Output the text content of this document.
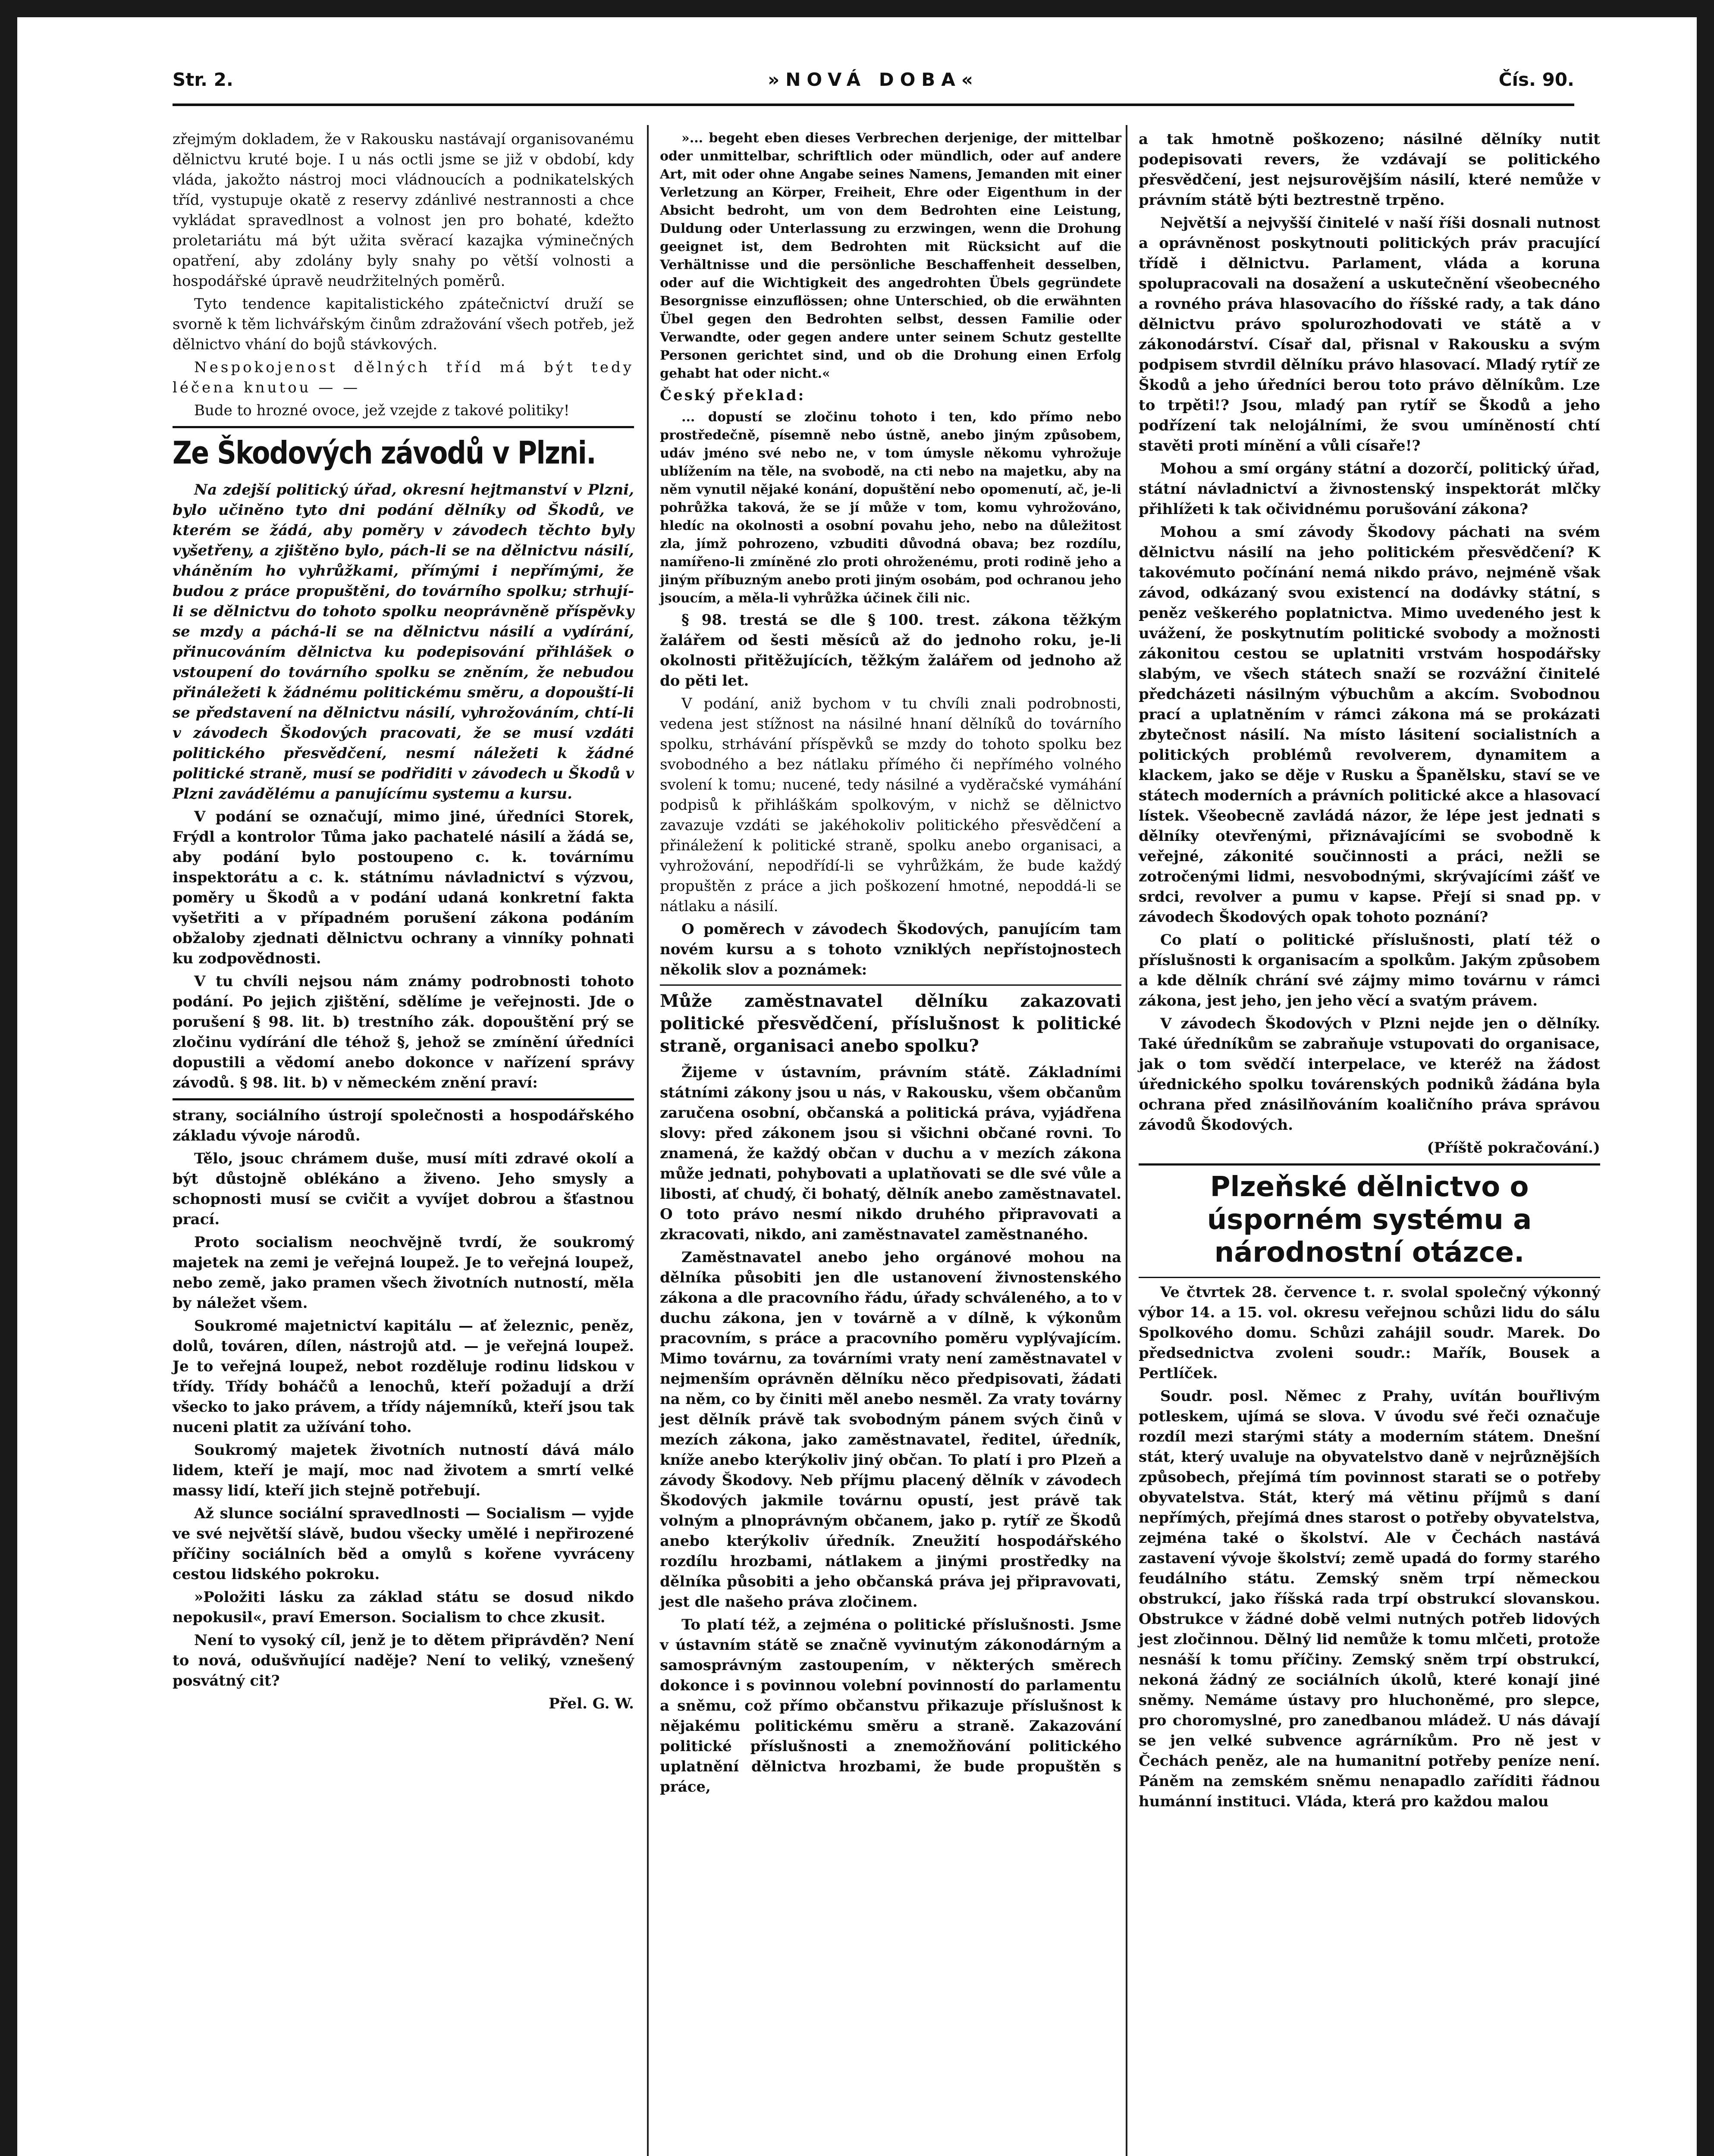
Str. 2.	»NOVÁ DOBA«	Čís. 90.

zřejmým dokladem, že v Rakousku nastávají organisovanému dělnictvu kruté boje. I u nás octli jsme se již v období, kdy vláda, jakožto nástroj moci vládnoucích a podnikatelských tříd, vystupuje okatě z reservy zdánlivé nestrannosti a chce vykládat spravedlnost a volnost jen pro bohaté, kdežto proletariátu má být užita svěrací kazajka výminečných opatření, aby zdolány byly snahy po větší volnosti a hospodářské úpravě neudržitelných poměrů.

Tyto tendence kapitalistického zpátečnictví druží se svorně k těm lichvářským činům zdražování všech potřeb, jež dělnictvo vhání do bojů stávkových.

Nespokojenost dělných tříd má být tedy léčena knutou — —

Bude to hrozné ovoce, jež vzejde z takové politiky!

Ze Škodových závodů v Plzni.

Na zdejší politický úřad, okresní hejtmanství v Plzni, bylo učiněno tyto dni podání dělníky od Škodů, ve kterém se žádá, aby poměry v závodech těchto byly vyšetřeny, a zjištěno bylo, pách-li se na dělnictvu násilí, vháněním ho vyhrůžkami, přímými i nepřímými, že budou z práce propuštěni, do továrního spolku; strhují-li se dělnictvu do tohoto spolku neoprávněně příspěvky se mzdy a páchá-li se na dělnictvu násilí a vydírání, přinucováním dělnictva ku podepisování přihlášek o vstoupení do továrního spolku se zněním, že nebudou přináležeti k žádnému politickému směru, a dopouští-li se představení na dělnictvu násilí, vyhrožováním, chtí-li v závodech Škodových pracovati, že se musí vzdáti politického přesvědčení, nesmí náležeti k žádné politické straně, musí se podřiditi v závodech u Škodů v Plzni zavádělému a panujícímu systemu a kursu.

V podání se označují, mimo jiné, úředníci Storek, Frýdl a kontrolor Tůma jako pachatelé násilí a žádá se, aby podání bylo postoupeno c. k. továrnímu inspektorátu a c. k. státnímu návladnictví s výzvou, poměry u Škodů a v podání udaná konkretní fakta vyšetřiti a v případném porušení zákona podáním obžaloby zjednati dělnictvu ochrany a vinníky pohnati ku zodpovědnosti.

V tu chvíli nejsou nám známy podrobnosti tohoto podání. Po jejich zjištění, sdělíme je veřejnosti. Jde o porušení § 98. lit. b) trestního zák. dopouštění prý se zločinu vydírání dle téhož §, jehož se zmínění úředníci dopustili a vědomí anebo dokonce v nařízení správy závodů. § 98. lit. b) v německém znění praví:

strany, sociálního ústrojí společnosti a hospodářského základu vývoje národů.

Tělo, jsouc chrámem duše, musí míti zdravé okolí a být důstojně oblékáno a živeno. Jeho smysly a schopnosti musí se cvičit a vyvíjet dobrou a šťastnou prací.

Proto socialism neochvějně tvrdí, že soukromý majetek na zemi je veřejná loupež. Je to veřejná loupež, nebo země, jako pramen všech životních nutností, měla by náležet všem.

Soukromé majetnictví kapitálu — ať železnic, peněz, dolů, továren, dílen, nástrojů atd. — je veřejná loupež. Je to veřejná loupež, nebot rozděluje rodinu lidskou v třídy. Třídy boháčů a lenochů, kteří požadují a drží všecko to jako právem, a třídy nájemníků, kteří jsou tak nuceni platit za užívání toho.

Soukromý majetek životních nutností dává málo lidem, kteří je mají, moc nad životem a smrtí velké massy lidí, kteří jich stejně potřebují.

Až slunce sociální spravedlnosti — Socialism — vyjde ve své největší slávě, budou všecky umělé i nepřirozené příčiny sociálních běd a omylů s kořene vyvráceny cestou lidského pokroku.

»Položiti lásku za základ státu se dosud nikdo nepokusil«, praví Emerson. Socialism to chce zkusit.

Není to vysoký cíl, jenž je to dětem připrávděn? Není to nová, odušvňující naděje? Není to veliký, vznešený posvátný cit?

Přel. G. W.

»... begeht eben dieses Verbrechen derjenige, der mittelbar oder unmittelbar, schriftlich oder mündlich, oder auf andere Art, mit oder ohne Angabe seines Namens, Jemanden mit einer Verletzung an Körper, Freiheit, Ehre oder Eigenthum in der Absicht bedroht, um von dem Bedrohten eine Leistung, Duldung oder Unterlassung zu erzwingen, wenn die Drohung geeignet ist, dem Bedrohten mit Rücksicht auf die Verhältnisse und die persönliche Beschaffenheit desselben, oder auf die Wichtigkeit des angedrohten Übels gegründete Besorgnisse einzuflössen; ohne Unterschied, ob die erwähnten Übel gegen den Bedrohten selbst, dessen Familie oder Verwandte, oder gegen andere unter seinem Schutz gestellte Personen gerichtet sind, und ob die Drohung einen Erfolg gehabt hat oder nicht.«

Český překlad:

... dopustí se zločinu tohoto i ten, kdo přímo nebo prostředečně, písemně nebo ústně, anebo jiným způsobem, udáv jméno své nebo ne, v tom úmysle někomu vyhrožuje ublížením na těle, na svobodě, na cti nebo na majetku, aby na něm vynutil nějaké konání, dopuštění nebo opomenutí, ač, je-li pohrůžka taková, že se jí může v tom, komu vyhrožováno, hledíc na okolnosti a osobní povahu jeho, nebo na důležitost zla, jímž pohrozeno, vzbuditi důvodná obava; bez rozdílu, namířeno-li zmíněné zlo proti ohroženému, proti rodině jeho a jiným příbuzným anebo proti jiným osobám, pod ochranou jeho jsoucím, a měla-li vyhrůžka účinek čili nic.

§ 98. trestá se dle § 100. trest. zákona těžkým žalářem od šesti měsíců až do jednoho roku, je-li okolnosti přitěžujících, těžkým žalářem od jednoho až do pěti let.

V podání, aniž bychom v tu chvíli znali podrobnosti, vedena jest stížnost na násilné hnaní dělníků do továrního spolku, strhávání příspěvků se mzdy do tohoto spolku bez svobodného a bez nátlaku přímého či nepřímého volného svolení k tomu; nucené, tedy násilné a vyděračské vymáhání podpisů k přihláškám spolkovým, v nichž se dělnictvo zavazuje vzdáti se jakéhokoliv politického přesvědčení a přináležení k politické straně, spolku anebo organisaci, a vyhrožování, nepodřídí-li se vyhrůžkám, že bude každý propuštěn z práce a jich poškození hmotné, nepoddá-li se nátlaku a násilí.

O poměrech v závodech Škodových, panujícím tam novém kursu a s tohoto vzniklých nepřístojnostech několik slov a poznámek:

Může zaměstnavatel dělníku zakazovati politické přesvědčení, příslušnost k politické straně, organisaci anebo spolku?

Žijeme v ústavním, právním státě. Základními státními zákony jsou u nás, v Rakousku, všem občanům zaručena osobní, občanská a politická práva, vyjádřena slovy: před zákonem jsou si všichni občané rovni. To znamená, že každý občan v duchu a v mezích zákona může jednati, pohybovati a uplatňovati se dle své vůle a libosti, ať chudý, či bohatý, dělník anebo zaměstnavatel. O toto právo nesmí nikdo druhého připravovati a zkracovati, nikdo, ani zaměstnavatel zaměstnaného.

Zaměstnavatel anebo jeho orgánové mohou na dělníka působiti jen dle ustanovení živnostenského zákona a dle pracovního řádu, úřady schváleného, a to v duchu zákona, jen v továrně a v dílně, k výkonům pracovním, s práce a pracovního poměru vyplývajícím. Mimo továrnu, za továrními vraty není zaměstnavatel v nejmenším oprávněn dělníku něco předpisovati, žádati na něm, co by činiti měl anebo nesměl. Za vraty továrny jest dělník právě tak svobodným pánem svých činů v mezích zákona, jako zaměstnavatel, ředitel, úředník, kníže anebo kterýkoliv jiný občan. To platí i pro Plzeň a závody Škodovy. Neb příjmu placený dělník v závodech Škodových jakmile továrnu opustí, jest právě tak volným a plnoprávným občanem, jako p. rytíř ze Škodů anebo kterýkoliv úředník. Zneužití hospodářského rozdílu hrozbami, nátlakem a jinými prostředky na dělníka působiti a jeho občanská práva jej připravovati, jest dle našeho práva zločinem.

To platí též, a zejména o politické příslušnosti. Jsme v ústavním státě se značně vyvinutým zákonodárným a samosprávným zastoupením, v některých směrech dokonce i s povinnou volební povinností do parlamentu a sněmu, což přímo občanstvu přikazuje příslušnost k nějakému politickému směru a straně. Zakazování politické příslušnosti a znemožňování politického uplatnění dělnictva hrozbami, že bude propuštěn s práce,

a tak hmotně poškozeno; násilné dělníky nutit podepisovati revers, že vzdávají se politického přesvědčení, jest nejsurovějším násilí, které nemůže v právním státě býti beztrestně trpěno.

Největší a nejvyšší činitelé v naší říši dosnali nutnost a oprávněnost poskytnouti politických práv pracující třídě i dělnictvu. Parlament, vláda a koruna spolupracovali na dosažení a uskutečnění všeobecného a rovného práva hlasovacího do říšské rady, a tak dáno dělnictvu právo spolurozhodovati ve státě a v zákonodárství. Císař dal, přisnal v Rakousku a svým podpisem stvrdil dělníku právo hlasovací. Mladý rytíř ze Škodů a jeho úředníci berou toto právo dělníkům. Lze to trpěti!? Jsou, mladý pan rytíř se Škodů a jeho podřízení tak nelojálními, že svou umíněností chtí stavěti proti mínění a vůli císaře!?

Mohou a smí orgány státní a dozorčí, politický úřad, státní návladnictví a živnostenský inspektorát mlčky přihlížeti k tak očividnému porušování zákona?

Mohou a smí závody Škodovy páchati na svém dělnictvu násilí na jeho politickém přesvědčení? K takovémuto počínání nemá nikdo právo, nejméně však závod, odkázaný svou existencí na dodávky státní, s peněz veškerého poplatnictva. Mimo uvedeného jest k uvážení, že poskytnutím politické svobody a možnosti zákonitou cestou se uplatniti vrstvám hospodářsky slabým, ve všech státech snaží se rozvážní činitelé předcházeti násilným výbuchům a akcím. Svobodnou prací a uplatněním v rámci zákona má se prokázati zbytečnost násilí. Na místo lásitení socialistních a politických problémů revolverem, dynamitem a klackem, jako se děje v Rusku a Španělsku, staví se ve státech moderních a právních politické akce a hlasovací lístek. Všeobecně zavládá názor, že lépe jest jednati s dělníky otevřenými, přiznávajícími se svobodně k veřejné, zákonité součinnosti a práci, nežli se zotročenými lidmi, nesvobodnými, skrývajícími zášť ve srdci, revolver a pumu v kapse. Přejí si snad pp. v závodech Škodových opak tohoto poznání?

Co platí o politické příslušnosti, platí též o příslušnosti k organisacím a spolkům. Jakým způsobem a kde dělník chrání své zájmy mimo továrnu v rámci zákona, jest jeho, jen jeho věcí a svatým právem.

V závodech Škodových v Plzni nejde jen o dělníky. Také úředníkům se zabraňuje vstupovati do organisace, jak o tom svědčí interpelace, ve kteréž na žádost úřednického spolku továrenských podniků žádána byla ochrana před znásilňováním koaličního práva správou závodů Škodových.

(Příště pokračování.)

Plzeňské dělnictvo o úsporném systému a národnostní otázce.

Ve čtvrtek 28. července t. r. svolal společný výkonný výbor 14. a 15. vol. okresu veřejnou schůzi lidu do sálu Spolkového domu. Schůzi zahájil soudr. Marek. Do předsednictva zvoleni soudr.: Mařík, Bousek a Pertlíček.

Soudr. posl. Němec z Prahy, uvítán bouřlivým potleskem, ujímá se slova. V úvodu své řeči označuje rozdíl mezi starými státy a moderním státem. Dnešní stát, který uvaluje na obyvatelstvo daně v nejrůznějších způsobech, přejímá tím povinnost starati se o potřeby obyvatelstva. Stát, který má větinu příjmů s daní nepřímých, přejímá dnes starost o potřeby obyvatelstva, zejména také o školství. Ale v Čechách nastává zastavení vývoje školství; země upadá do formy starého feudálního státu. Zemský sněm trpí německou obstrukcí, jako říšská rada trpí obstrukcí slovanskou. Obstrukce v žádné době velmi nutných potřeb lidových jest zločinnou. Dělný lid nemůže k tomu mlčeti, protože nesnáší k tomu příčiny. Zemský sněm trpí obstrukcí, nekoná žádný ze sociálních úkolů, které konají jiné sněmy. Nemáme ústavy pro hluchoněmé, pro slepce, pro choromyslné, pro zanedbanou mládež. U nás dávají se jen velké subvence agrárníkům. Pro ně jest v Čechách peněz, ale na humanitní potřeby peníze není. Páněm na zemském sněmu nenapadlo zaříditi řádnou humánní instituci. Vláda, která pro každou malou
